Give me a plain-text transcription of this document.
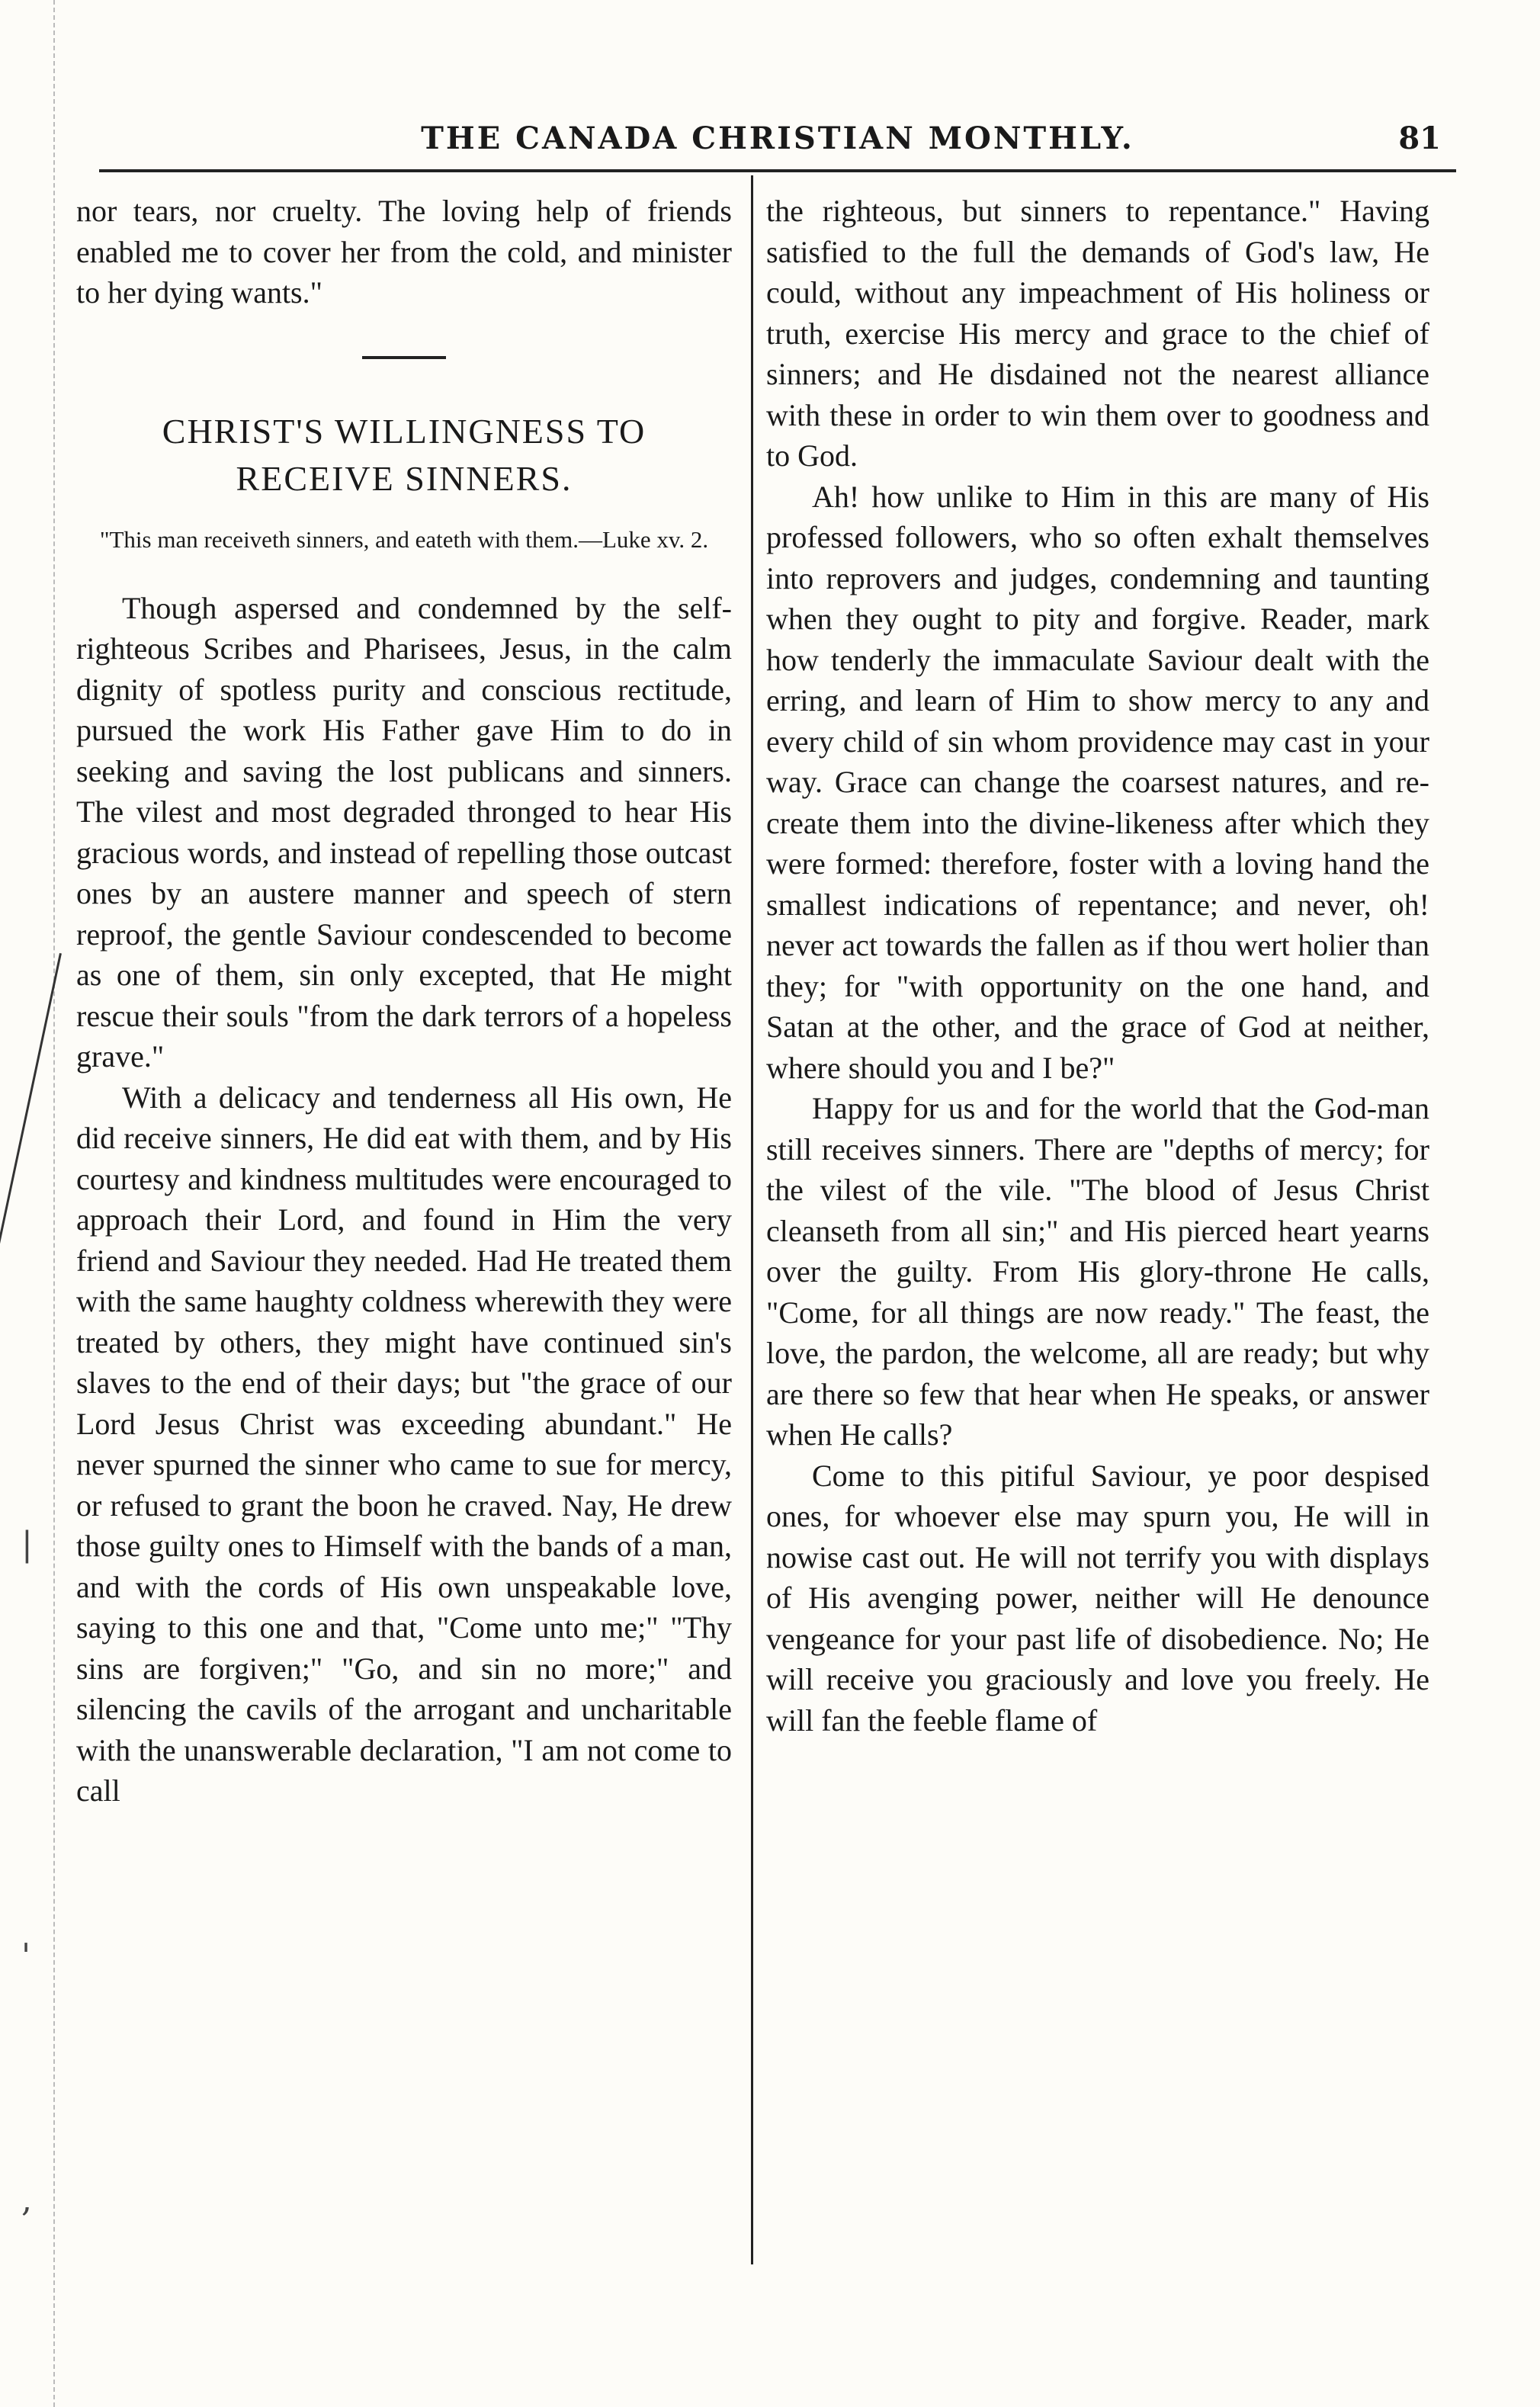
|
'
,
THE CANADA CHRISTIAN MONTHLY.	81

nor tears, nor cruelty. The loving help of friends enabled me to cover her from the cold, and minister to her dying wants."

CHRIST'S WILLINGNESS TO
RECEIVE SINNERS.
"This man receiveth sinners, and eateth with them.—Luke xv. 2.

Though aspersed and condemned by the self-righteous Scribes and Pharisees, Jesus, in the calm dignity of spotless purity and conscious rectitude, pursued the work His Father gave Him to do in seeking and saving the lost publicans and sinners. The vilest and most degraded thronged to hear His gracious words, and instead of repelling those outcast ones by an austere manner and speech of stern reproof, the gentle Saviour condescended to become as one of them, sin only excepted, that He might rescue their souls "from the dark terrors of a hopeless grave."

With a delicacy and tenderness all His own, He did receive sinners, He did eat with them, and by His courtesy and kindness multitudes were encouraged to approach their Lord, and found in Him the very friend and Saviour they needed. Had He treated them with the same haughty coldness wherewith they were treated by others, they might have continued sin's slaves to the end of their days; but "the grace of our Lord Jesus Christ was exceeding abundant." He never spurned the sinner who came to sue for mercy, or refused to grant the boon he craved. Nay, He drew those guilty ones to Himself with the bands of a man, and with the cords of His own unspeakable love, saying to this one and that, "Come unto me;" "Thy sins are forgiven;" "Go, and sin no more;" and silencing the cavils of the arrogant and uncharitable with the unanswerable declaration, "I am not come to call

the righteous, but sinners to repentance." Having satisfied to the full the demands of God's law, He could, without any impeachment of His holiness or truth, exercise His mercy and grace to the chief of sinners; and He disdained not the nearest alliance with these in order to win them over to goodness and to God.

Ah! how unlike to Him in this are many of His professed followers, who so often exhalt themselves into reprovers and judges, condemning and taunting when they ought to pity and forgive. Reader, mark how tenderly the immaculate Saviour dealt with the erring, and learn of Him to show mercy to any and every child of sin whom providence may cast in your way. Grace can change the coarsest natures, and re-create them into the divine-likeness after which they were formed: therefore, foster with a loving hand the smallest indications of repentance; and never, oh! never act towards the fallen as if thou wert holier than they; for "with opportunity on the one hand, and Satan at the other, and the grace of God at neither, where should you and I be?"

Happy for us and for the world that the God-man still receives sinners. There are "depths of mercy; for the vilest of the vile. "The blood of Jesus Christ cleanseth from all sin;" and His pierced heart yearns over the guilty. From His glory-throne He calls, "Come, for all things are now ready." The feast, the love, the pardon, the welcome, all are ready; but why are there so few that hear when He speaks, or answer when He calls?

Come to this pitiful Saviour, ye poor despised ones, for whoever else may spurn you, He will in nowise cast out. He will not terrify you with displays of His avenging power, neither will He denounce vengeance for your past life of disobedience. No; He will receive you graciously and love you freely. He will fan the feeble flame of
